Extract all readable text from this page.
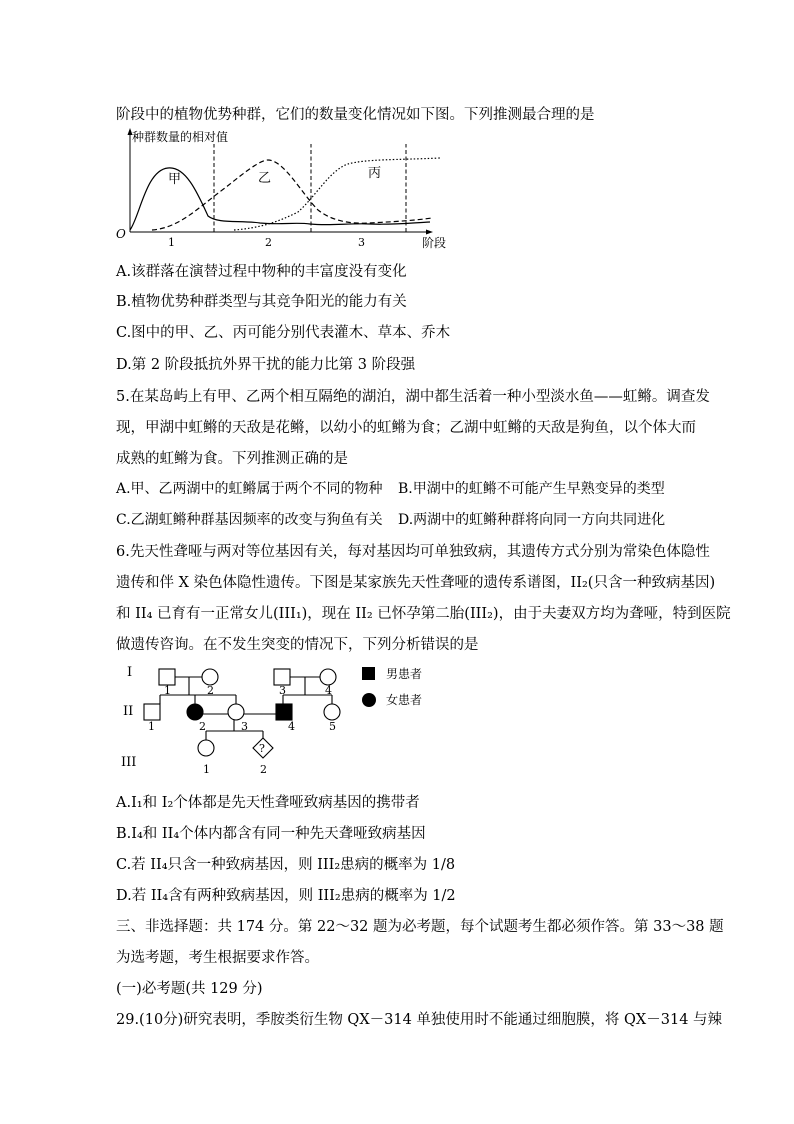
阶段中的植物优势种群，它们的数量变化情况如下图。下列推测最合理的是
种群数量的相对值
O
阶段
1	2	3
甲	乙	丙
A.该群落在演替过程中物种的丰富度没有变化
B.植物优势种群类型与其竞争阳光的能力有关
C.图中的甲、乙、丙可能分别代表灌木、草本、乔木
D.第 2 阶段抵抗外界干扰的能力比第 3 阶段强
5.在某岛屿上有甲、乙两个相互隔绝的湖泊，湖中都生活着一种小型淡水鱼——虹鳉。调查发
现，甲湖中虹鳉的天敌是花鳉，以幼小的虹鳉为食；乙湖中虹鳉的天敌是狗鱼，以个体大而
成熟的虹鳉为食。下列推测正确的是
A.甲、乙两湖中的虹鳉属于两个不同的物种 B.甲湖中的虹鳉不可能产生早熟变异的类型
C.乙湖虹鳉种群基因频率的改变与狗鱼有关 D.两湖中的虹鳉种群将向同一方向共同进化
6.先天性聋哑与两对等位基因有关，每对基因均可单独致病，其遗传方式分别为常染色体隐性
遗传和伴 X 染色体隐性遗传。下图是某家族先天性聋哑的遗传系谱图，II₂(只含一种致病基因)
和 II₄ 已育有一正常女儿(III₁)，现在 II₂ 已怀孕第二胎(III₂)，由于夫妻双方均为聋哑，特到医院
做遗传咨询。在不发生突变的情况下，下列分析错误的是
I
II
III
?
1	2	3	4
1	2	3	4	5
1	2
男患者
女患者
A.I₁和 I₂个体都是先天性聋哑致病基因的携带者
B.I₄和 II₄个体内都含有同一种先天聋哑致病基因
C.若 II₄只含一种致病基因，则 III₂患病的概率为 1/8
D.若 II₄含有两种致病基因，则 III₂患病的概率为 1/2
三、非选择题：共 174 分。第 22～32 题为必考题，每个试题考生都必须作答。第 33～38 题
为选考题，考生根据要求作答。
(一)必考题(共 129 分)
29.(10分)研究表明，季胺类衍生物 QX－314 单独使用时不能通过细胞膜，将 QX－314 与辣
